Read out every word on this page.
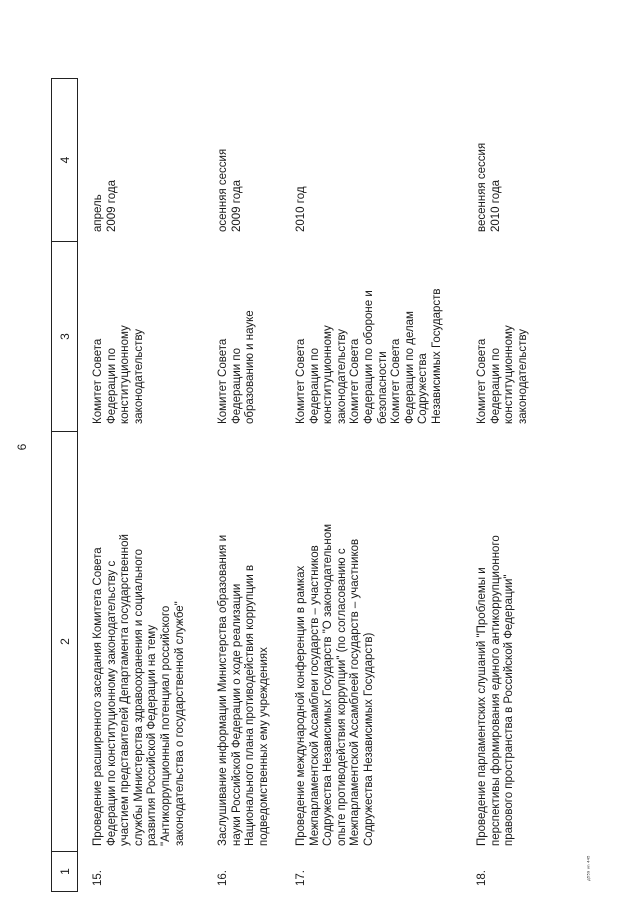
6
д559 vn 445
1
2
3
4
15.
Проведение расширенного заседания Комитета Совета
Федерации по конституционному законодательству с
участием представителей Департамента государственной
службы Министерства здравоохранения и социального
развития Российской Федерации на тему
"Антикоррупционный потенциал российского
законодательства о государственной службе"
Комитет Совета
Федерации по
конституционному
законодательству
апрель
2009 года
16.
Заслушивание информации Министерства образования и
науки Российской Федерации о ходе реализации
Национального плана противодействия коррупции в
подведомственных ему учреждениях
Комитет Совета
Федерации по
образованию и науке
осенняя сессия
2009 года
17.
Проведение международной конференции в рамках
Межпарламентской Ассамблеи государств – участников
Содружества Независимых Государств "О законодательном
опыте противодействия коррупции" (по согласованию с
Межпарламентской Ассамблеей государств – участников
Содружества Независимых Государств)
Комитет Совета
Федерации по
конституционному
законодательству
Комитет Совета
Федерации по обороне и
безопасности
Комитет Совета
Федерации по делам
Содружества
Независимых Государств
2010 год
18.
Проведение парламентских слушаний "Проблемы и
перспективы формирования единого антикоррупционного
правового пространства в Российской Федерации"
Комитет Совета
Федерации по
конституционному
законодательству
весенняя сессия
2010 года
